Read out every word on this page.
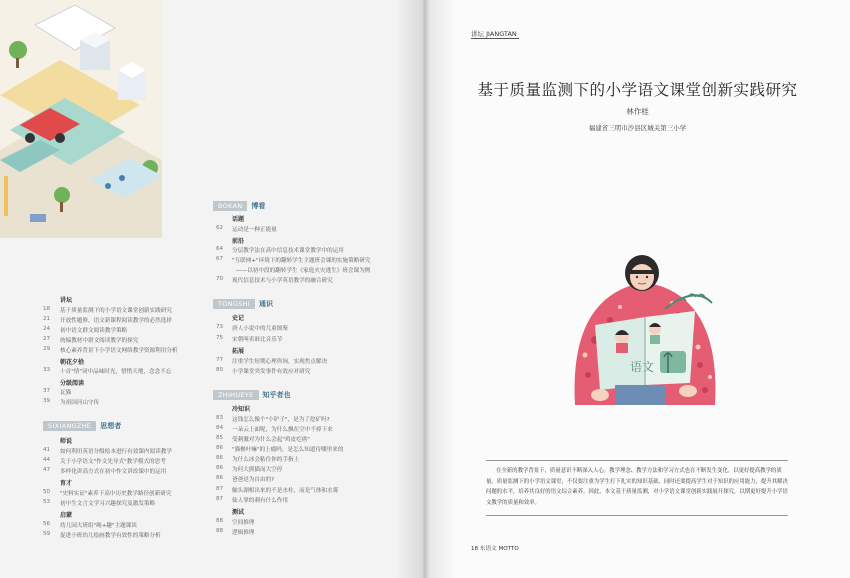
BOKAN	博看
话题
62 运动是一种正能量
前沿
64 分层教学法在高中信息技术课堂教学中的运用
67 "互联网+"环境下的翻转学生主题班会课的实施策略研究
——以初中段的翻转学生《家庭火灾逃生》班会课为例
70 现代信息技术与小学英语教学的融合研究
TONGSHI	通识
史记
73 唐人小说中的儿童图鉴
75 宋朝叫卖谁比音乐节
拓展
77 注重学生短期心理咨询，实现焦点解决
80 小学课堂突发事件有效应对研究
ZHIHUEYE	知乎者也
冷知识
83 这钱怎么像个"小铲子"，是为了挖矿吗?
84 一朵云上面呢，为什么飘在空中不掉下来
85 受刺激对为什么会起"鸡皮疙瘩"
86 "猫榧叶嘛"的上瘾吗，是怎么知道待哪里来的
86 为什么冰会粘住你的手指上
86 为何大熊猫而大空停
86 爸爸是为自由的?
87 触头湖相出来的不是水柱，而是气体和水雾
87 仙人掌的刺有什么作用
测试
88 空间推理
88 逻辑推理
讲坛
18 基于质量监测下的小学语文课堂创新实践研究
21 开放性题修，语文新课程阅读教学的必然选择
24 初中语文群文阅读教学策略
27 统编教材中群文阅读教学的探究
29 核心素养背景下小学语文网络教学资源利用分析
朝花夕拾
33 十首"情"词中品味时光，惜惜天地，念念不忘
分级阅读
37 瓦猫
39 为祖国河山守传
SIXIANGZHE	思想者
师说
41 如何利用英语分级绘本进行有效课内阅读教学
44 关于小学语文"作文先导式"教学模式的思考
47 多样化讲高方式在初中作文讲改课中的运用
育才
50 "史料实证"素养下高中历史教学路径创新研究
53 初中生文言文学习兴趣探究及激发策略
启蒙
56 幼儿园大班组"绳+趣"主题课谈
59 促进小班幼儿绘画教学有效性的策略分析
讲坛 JIANGTAN
基于质量监测下的小学语文课堂创新实践研究
林作桂
福建省三明市沙县区城关第三小学
语文
在全新的教学背景下，质量意识不断深入人心。教学理念、教学方法和学习方式也在不断发生变化。以更好提高教学的质量。质量监测下的小学语文课堂，不仅要注重为学生打下扎实的知识基础，同时还要提高学生对于知识的应用能力，提升其解决问题的水平，培养其良好的语文综合素养。因此，本文基于质量监测，对小学语文课堂创新实践展开探究，以期更好提升小学语文教学的质量和效率。
18 东语文 MOTTO
